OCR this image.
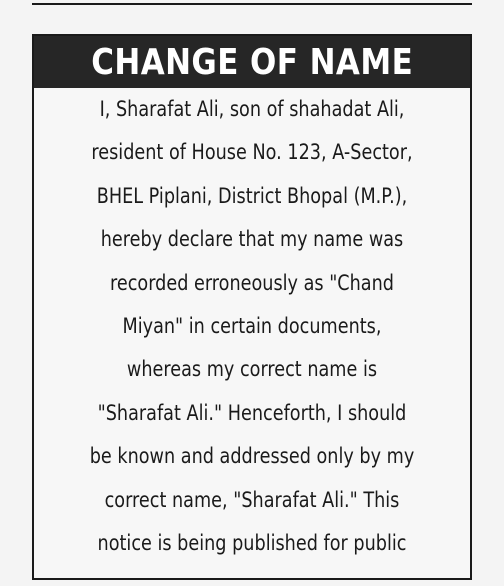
CHANGE OF NAME
I, Sharafat Ali, son of shahadat Ali,
resident of House No. 123, A-Sector,
BHEL Piplani, District Bhopal (M.P.),
hereby declare that my name was
recorded erroneously as "Chand
Miyan" in certain documents,
whereas my correct name is
"Sharafat Ali." Henceforth, I should
be known and addressed only by my
correct name, "Sharafat Ali." This
notice is being published for public
